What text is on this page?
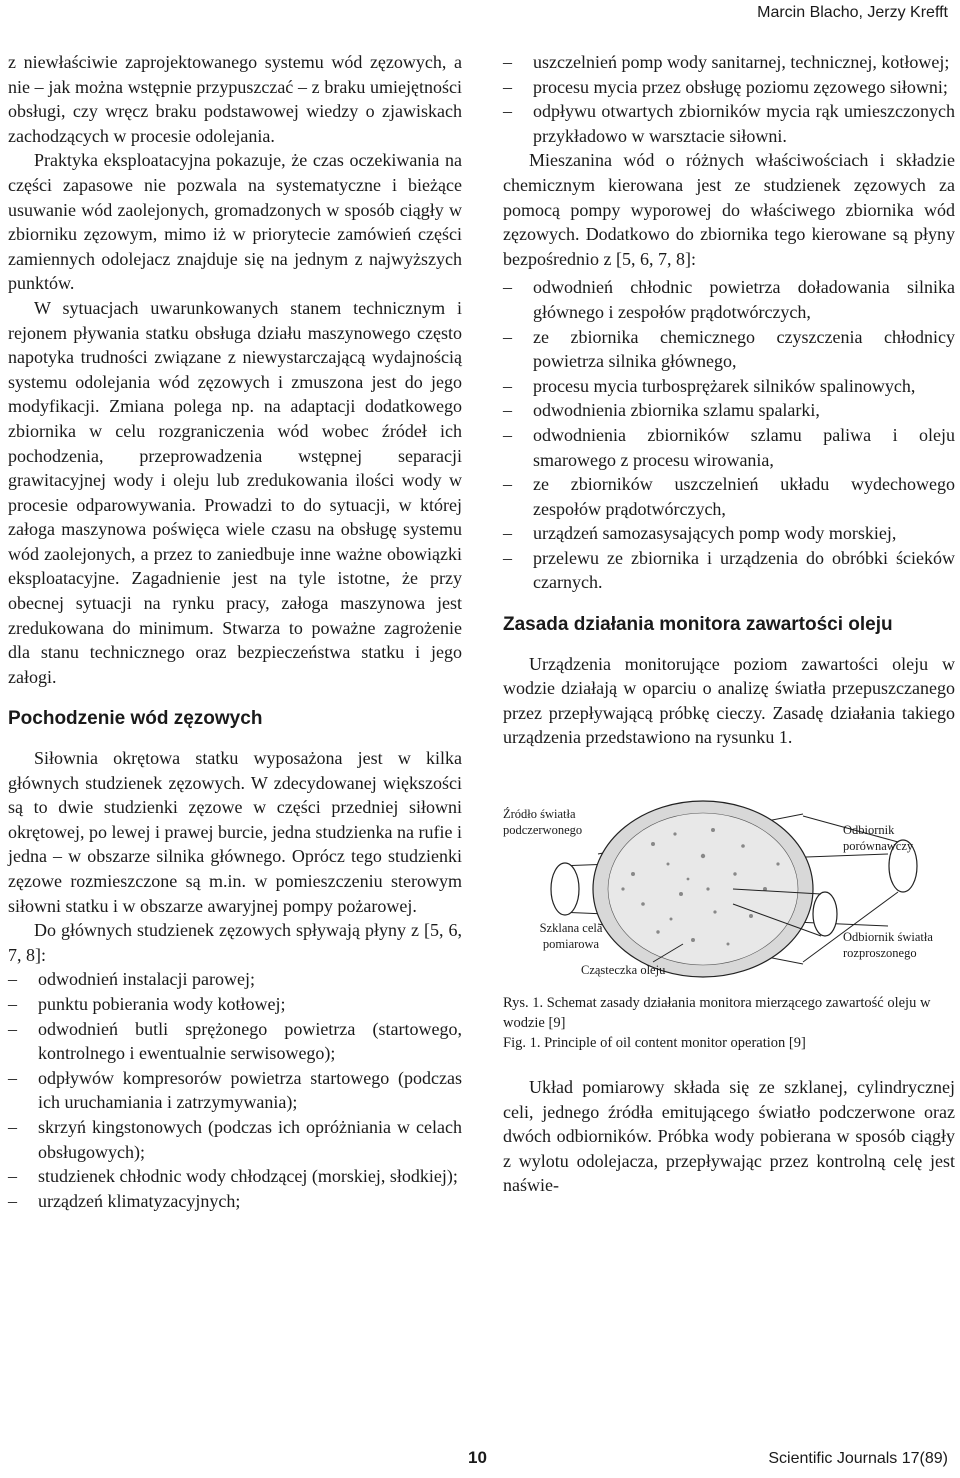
Marcin Blacho, Jerzy Krefft

z niewłaściwie zaprojektowanego systemu wód zęzowych, a nie – jak można wstępnie przypuszczać – z braku umiejętności obsługi, czy wręcz braku podstawowej wiedzy o zjawiskach zachodzących w procesie odolejania.

Praktyka eksploatacyjna pokazuje, że czas oczekiwania na części zapasowe nie pozwala na systematyczne i bieżące usuwanie wód zaolejonych, gromadzonych w sposób ciągły w zbiorniku zęzowym, mimo iż w priorytecie zamówień części zamiennych odolejacz znajduje się na jednym z najwyższych punktów.

W sytuacjach uwarunkowanych stanem technicznym i rejonem pływania statku obsługa działu maszynowego często napotyka trudności związane z niewystarczającą wydajnością systemu odolejania wód zęzowych i zmuszona jest do jego modyfikacji. Zmiana polega np. na adaptacji dodatkowego zbiornika w celu rozgraniczenia wód wobec źródeł ich pochodzenia, przeprowadzenia wstępnej separacji grawitacyjnej wody i oleju lub zredukowania ilości wody w procesie odparowywania. Prowadzi to do sytuacji, w której załoga maszynowa poświęca wiele czasu na obsługę systemu wód zaolejonych, a przez to zaniedbuje inne ważne obowiązki eksploatacyjne. Zagadnienie jest na tyle istotne, że przy obecnej sytuacji na rynku pracy, załoga maszynowa jest zredukowana do minimum. Stwarza to poważne zagrożenie dla stanu technicznego oraz bezpieczeństwa statku i jego załogi.

Pochodzenie wód zęzowych

Siłownia okrętowa statku wyposażona jest w kilka głównych studzienek zęzowych. W zdecydowanej większości są to dwie studzienki zęzowe w części przedniej siłowni okrętowej, po lewej i prawej burcie, jedna studzienka na rufie i jedna – w obszarze silnika głównego. Oprócz tego studzienki zęzowe rozmieszczone są m.in. w pomieszczeniu sterowym siłowni statku i w obszarze awaryjnej pompy pożarowej.

Do głównych studzienek zęzowych spływają płyny z [5, 6, 7, 8]:

– odwodnień instalacji parowej;
– punktu pobierania wody kotłowej;
– odwodnień butli sprężonego powietrza (startowego, kontrolnego i ewentualnie serwisowego);
– odpływów kompresorów powietrza startowego (podczas ich uruchamiania i zatrzymywania);
– skrzyń kingstonowych (podczas ich opróżniania w celach obsługowych);
– studzienek chłodnic wody chłodzącej (morskiej, słodkiej);
– urządzeń klimatyzacyjnych;
– uszczelnień pomp wody sanitarnej, technicznej, kotłowej;
– procesu mycia przez obsługę poziomu zęzowego siłowni;
– odpływu otwartych zbiorników mycia rąk umieszczonych przykładowo w warsztacie siłowni.

Mieszanina wód o różnych właściwościach i składzie chemicznym kierowana jest ze studzienek zęzowych za pomocą pompy wyporowej do właściwego zbiornika wód zęzowych. Dodatkowo do zbiornika tego kierowane są płyny bezpośrednio z [5, 6, 7, 8]:

– odwodnień chłodnic powietrza doładowania silnika głównego i zespołów prądotwórczych,
– ze zbiornika chemicznego czyszczenia chłodnicy powietrza silnika głównego,
– procesu mycia turbosprężarek silników spalinowych,
– odwodnienia zbiornika szlamu spalarki,
– odwodnienia zbiorników szlamu paliwa i oleju smarowego z procesu wirowania,
– ze zbiorników uszczelnień układu wydechowego zespołów prądotwórczych,
– urządzeń samozasysających pomp wody morskiej,
– przelewu ze zbiornika i urządzenia do obróbki ścieków czarnych.
Zasada działania monitora zawartości oleju

Urządzenia monitorujące poziom zawartości oleju w wodzie działają w oparciu o analizę światła przepuszczanego przez przepływającą próbkę cieczy. Zasadę działania takiego urządzenia przedstawiono na rysunku 1.

Źródło światła podczerwonego	Odbiornik porównawczy
Szklana cela pomiarowa	Odbiornik światła rozproszonego
Cząsteczka oleju
Rys. 1. Schemat zasady działania monitora mierzącego zawartość oleju w wodzie [9]
Fig. 1. Principle of oil content monitor operation [9]

Układ pomiarowy składa się ze szklanej, cylindrycznej celi, jednego źródła emitującego światło podczerwone oraz dwóch odbiorników. Próbka wody pobierana w sposób ciągły z wylotu odolejacza, przepływając przez kontrolną celę jest naświe-

10	Scientific Journals 17(89)
